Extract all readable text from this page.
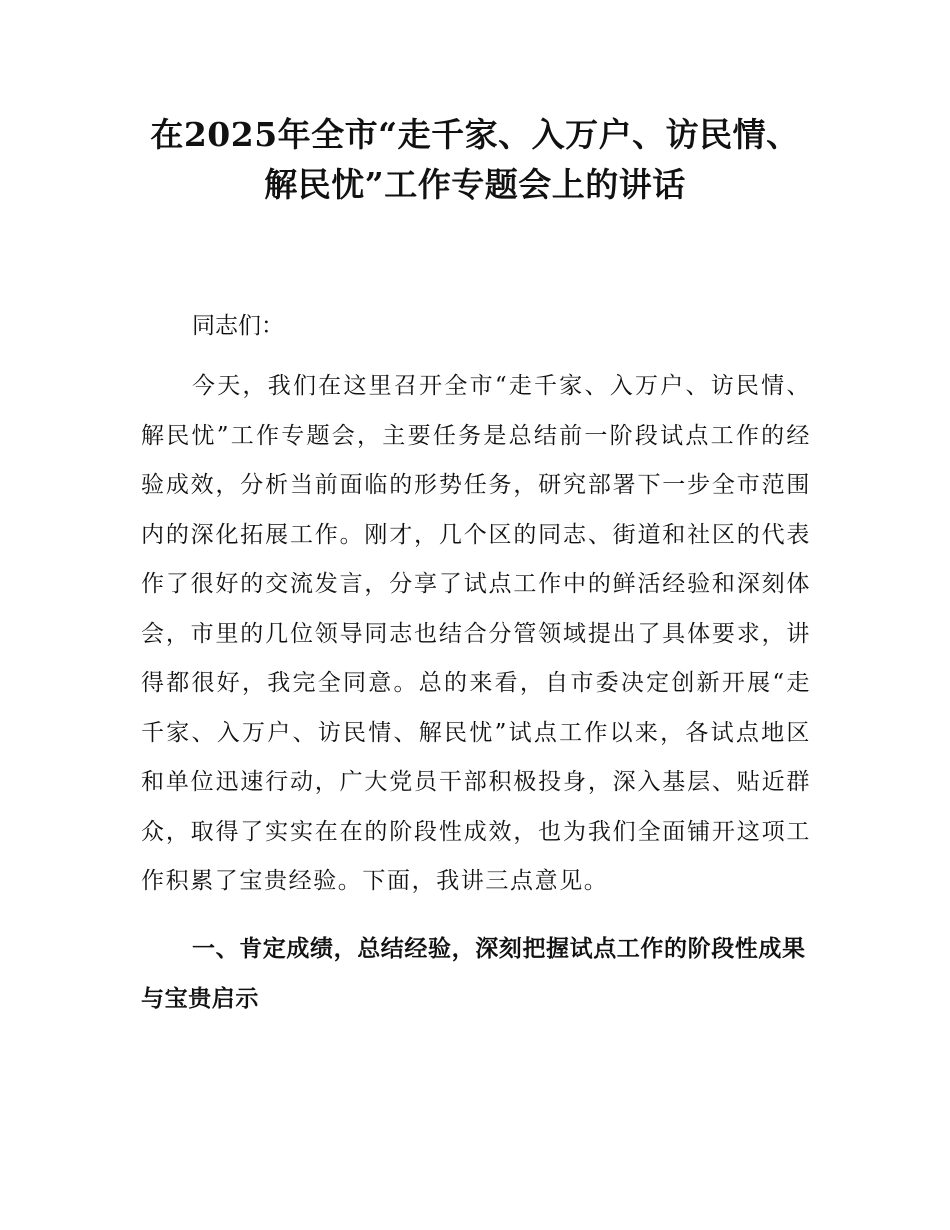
在2025年全市“走千家、入万户、访民情、
解民忧”工作专题会上的讲话

同志们：

今天，我们在这里召开全市“走千家、入万户、访民情、解民忧”工作专题会，主要任务是总结前一阶段试点工作的经验成效，分析当前面临的形势任务，研究部署下一步全市范围内的深化拓展工作。刚才，几个区的同志、街道和社区的代表作了很好的交流发言，分享了试点工作中的鲜活经验和深刻体会，市里的几位领导同志也结合分管领域提出了具体要求，讲得都很好，我完全同意。总的来看，自市委决定创新开展“走千家、入万户、访民情、解民忧”试点工作以来，各试点地区和单位迅速行动，广大党员干部积极投身，深入基层、贴近群众，取得了实实在在的阶段性成效，也为我们全面铺开这项工作积累了宝贵经验。下面，我讲三点意见。

一、肯定成绩，总结经验，深刻把握试点工作的阶段性成果与宝贵启示
